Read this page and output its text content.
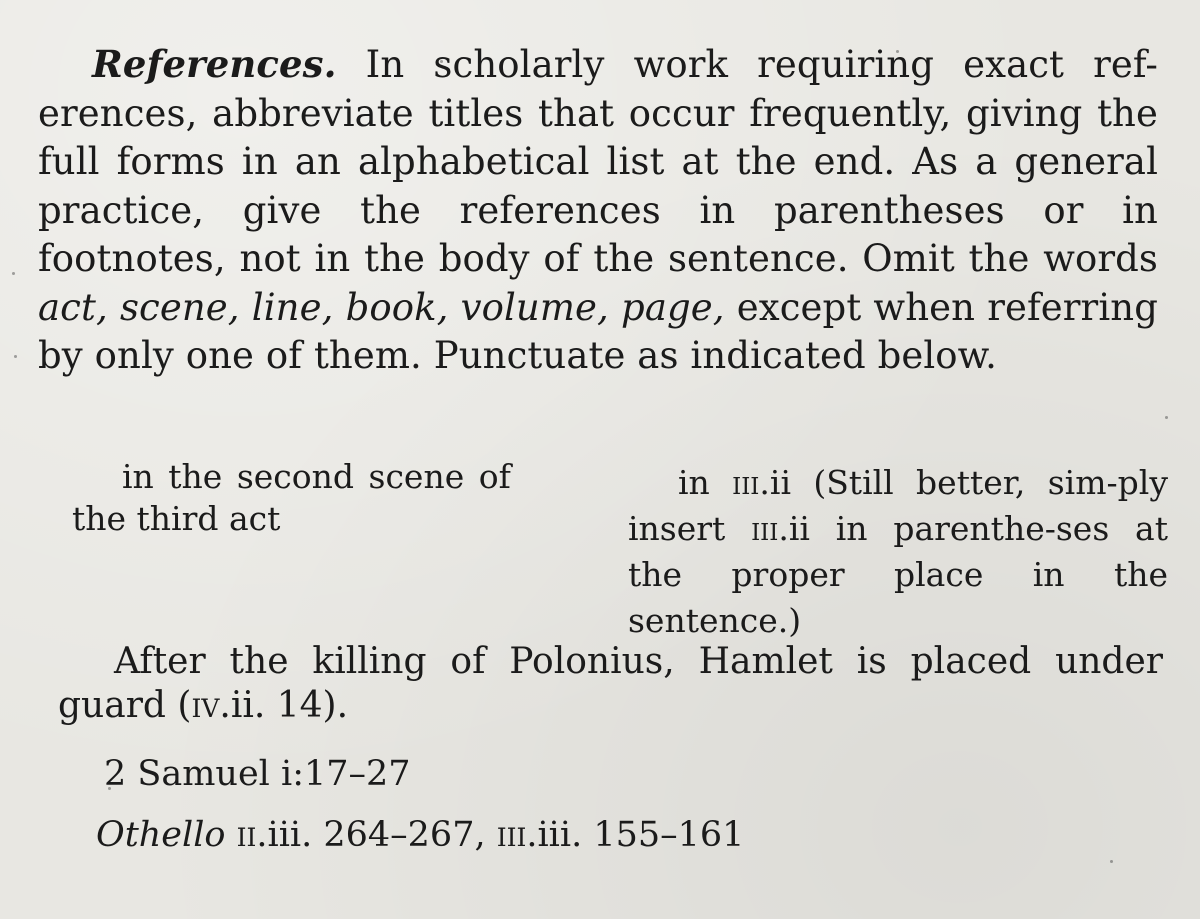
References. In scholarly work requiring exact ref-erences, abbreviate titles that occur frequently, giving the full forms in an alphabetical list at the end. As a general practice, give the references in parentheses or in footnotes, not in the body of the sentence. Omit the words act, scene, line, book, volume, page, except when referring by only one of them. Punctuate as indicated below.
in the second scene of
the third act
in iii.ii (Still better, sim-ply insert iii.ii in parenthe-ses at the proper place in the sentence.)
After the killing of Polonius, Hamlet is placed under guard (iv.ii. 14).
2 Samuel i:17–27
Othello ii.iii. 264–267, iii.iii. 155–161
